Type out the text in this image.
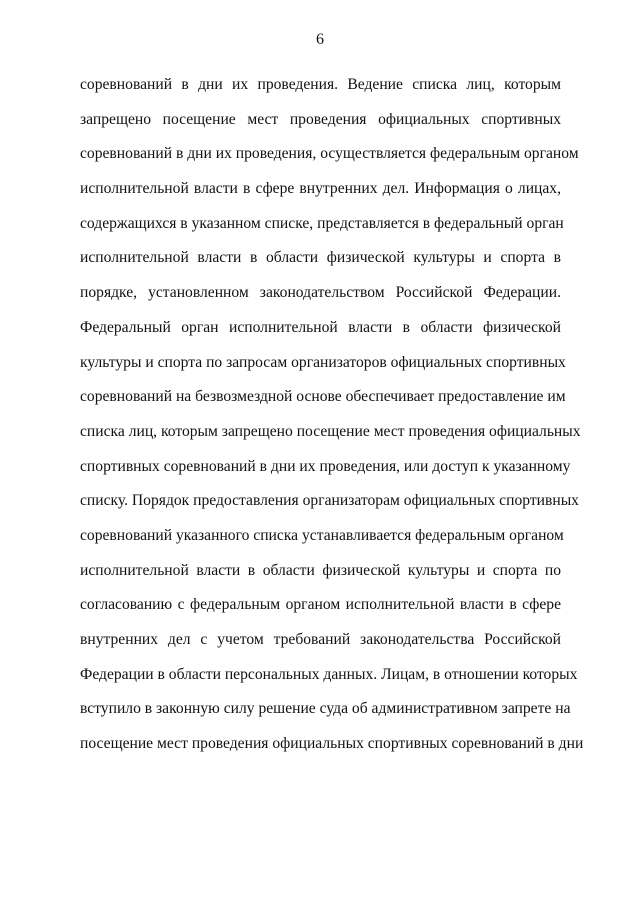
6
соревнований в дни их проведения. Ведение списка лиц, которым
запрещено посещение мест проведения официальных спортивных
соревнований в дни их проведения, осуществляется федеральным органом
исполнительной власти в сфере внутренних дел. Информация о лицах,
содержащихся в указанном списке, представляется в федеральный орган
исполнительной власти в области физической культуры и спорта в
порядке, установленном законодательством Российской Федерации.
Федеральный орган исполнительной власти в области физической
культуры и спорта по запросам организаторов официальных спортивных
соревнований на безвозмездной основе обеспечивает предоставление им
списка лиц, которым запрещено посещение мест проведения официальных
спортивных соревнований в дни их проведения, или доступ к указанному
списку. Порядок предоставления организаторам официальных спортивных
соревнований указанного списка устанавливается федеральным органом
исполнительной власти в области физической культуры и спорта по
согласованию с федеральным органом исполнительной власти в сфере
внутренних дел с учетом требований законодательства Российской
Федерации в области персональных данных. Лицам, в отношении которых
вступило в законную силу решение суда об административном запрете на
посещение мест проведения официальных спортивных соревнований в дни
